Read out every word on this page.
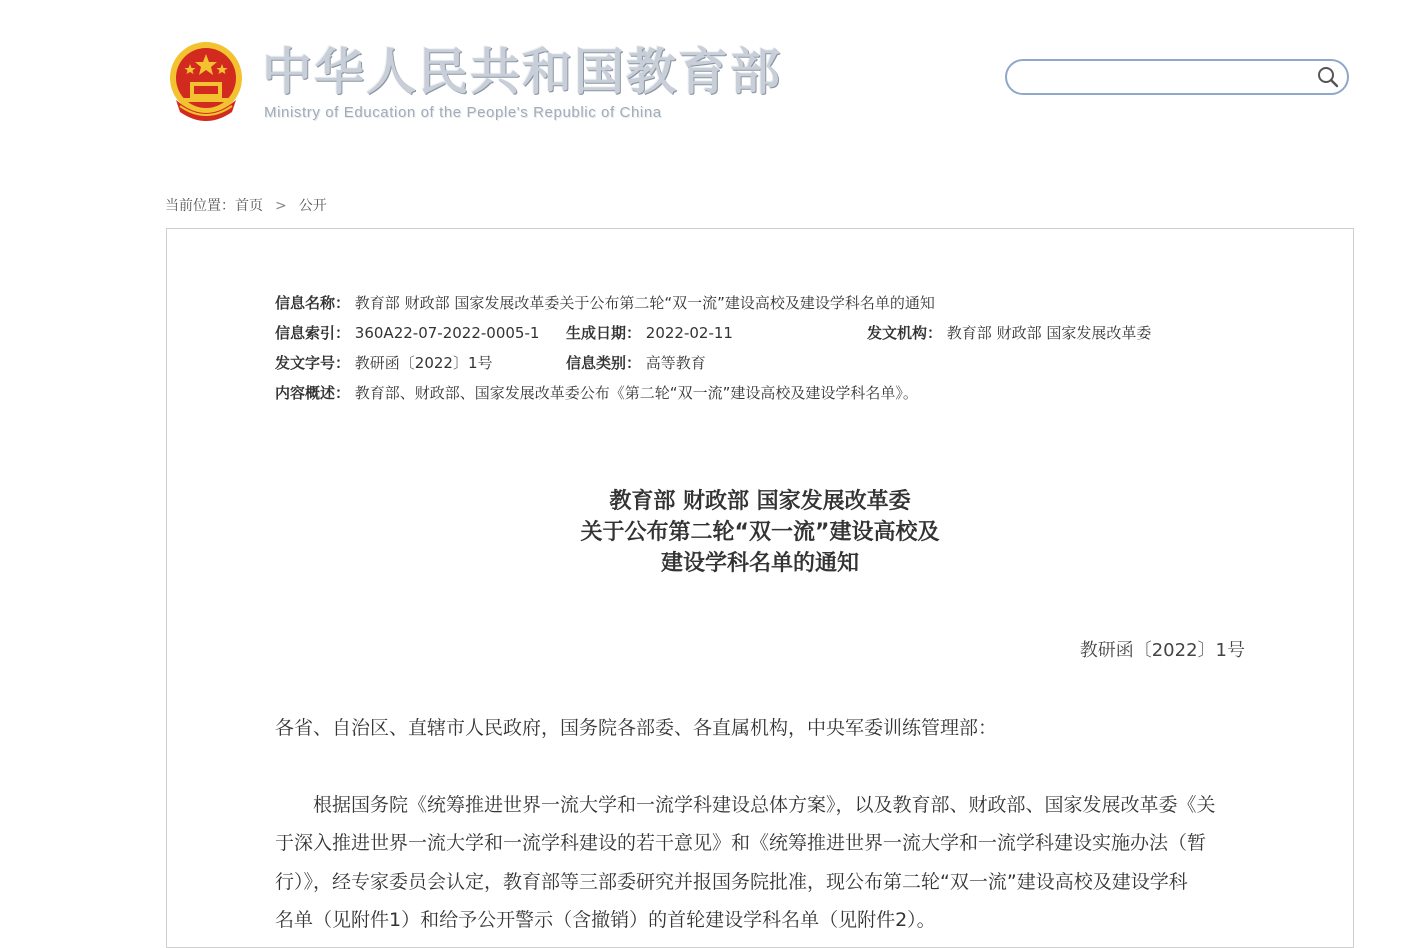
中华人民共和国教育部
Ministry of Education of the People's Republic of China
当前位置：首页 > 公开
信息名称： 教育部 财政部 国家发展改革委关于公布第二轮“双一流”建设高校及建设学科名单的通知
信息索引： 360A22-07-2022-0005-1 生成日期： 2022-02-11	发文机构： 教育部 财政部 国家发展改革委
发文字号： 教研函〔2022〕1号	信息类别： 高等教育
内容概述： 教育部、财政部、国家发展改革委公布《第二轮“双一流”建设高校及建设学科名单》。
教育部 财政部 国家发展改革委
关于公布第二轮“双一流”建设高校及
建设学科名单的通知
教研函〔2022〕1号
各省、自治区、直辖市人民政府，国务院各部委、各直属机构，中央军委训练管理部：
根据国务院《统筹推进世界一流大学和一流学科建设总体方案》，以及教育部、财政部、国家发展改革委《关
于深入推进世界一流大学和一流学科建设的若干意见》和《统筹推进世界一流大学和一流学科建设实施办法（暂
行）》，经专家委员会认定，教育部等三部委研究并报国务院批准，现公布第二轮“双一流”建设高校及建设学科
名单（见附件1）和给予公开警示（含撤销）的首轮建设学科名单（见附件2）。
